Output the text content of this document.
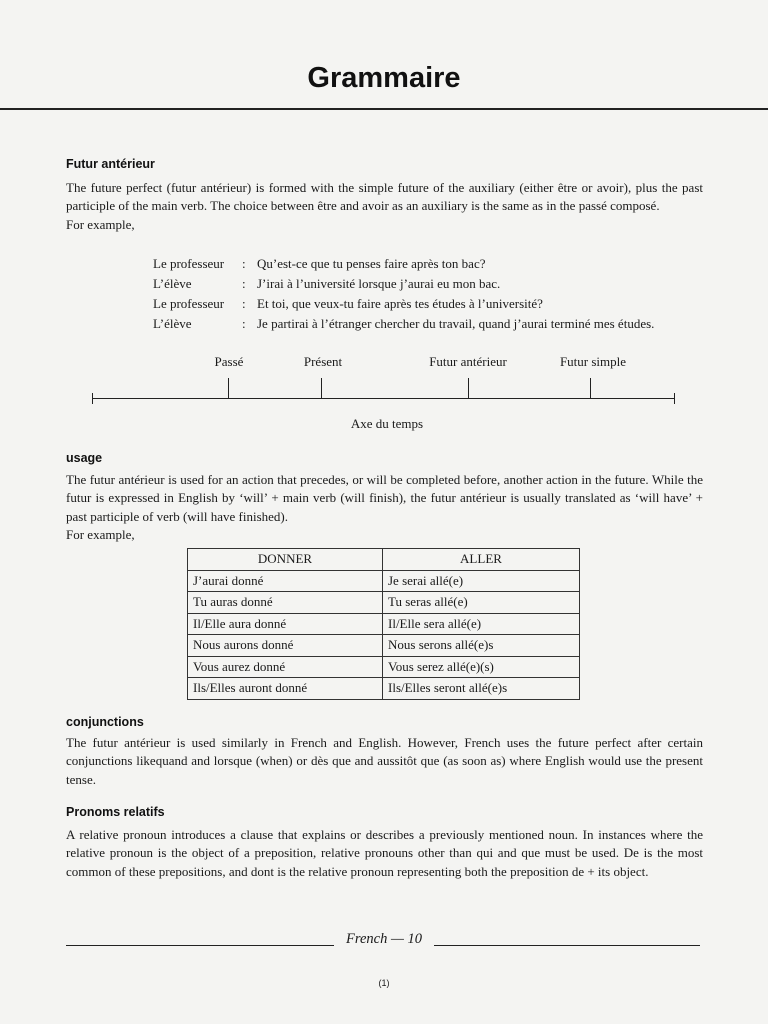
Grammaire
Futur antérieur

The future perfect (futur antérieur) is formed with the simple future of the auxiliary (either être or avoir), plus the past participle of the main verb. The choice between être and avoir as an auxiliary is the same as in the passé composé.
For example,

Le professeur	: Qu’est-ce que tu penses faire après ton bac?
L’élève	: J’irai à l’université lorsque j’aurai eu mon bac.
Le professeur	: Et toi, que veux-tu faire après tes études à l’université?
L’élève	: Je partirai à l’étranger chercher du travail, quand j’aurai terminé mes études.
Passé	Présent	Futur antérieur	Futur simple
Axe du temps
usage

The futur antérieur is used for an action that precedes, or will be completed before, another action in the future. While the futur is expressed in English by ‘will’ + main verb (will finish), the futur antérieur is usually translated as ‘will have’ + past participle of verb (will have finished).
For example,

DONNER	ALLER
J’aurai donné	Je serai allé(e)
Tu auras donné	Tu seras allé(e)
Il/Elle aura donné	Il/Elle sera allé(e)
Nous aurons donné	Nous serons allé(e)s
Vous aurez donné	Vous serez allé(e)(s)
Ils/Elles auront donné	Ils/Elles seront allé(e)s
conjunctions

The futur antérieur is used similarly in French and English. However, French uses the future perfect after certain conjunctions likequand and lorsque (when) or dès que and aussitôt que (as soon as) where English would use the present tense.

Pronoms relatifs

A relative pronoun introduces a clause that explains or describes a previously mentioned noun. In instances where the relative pronoun is the object of a preposition, relative pronouns other than qui and que must be used. De is the most common of these prepositions, and dont is the relative pronoun representing both the preposition de + its object.

French — 10
(1)
